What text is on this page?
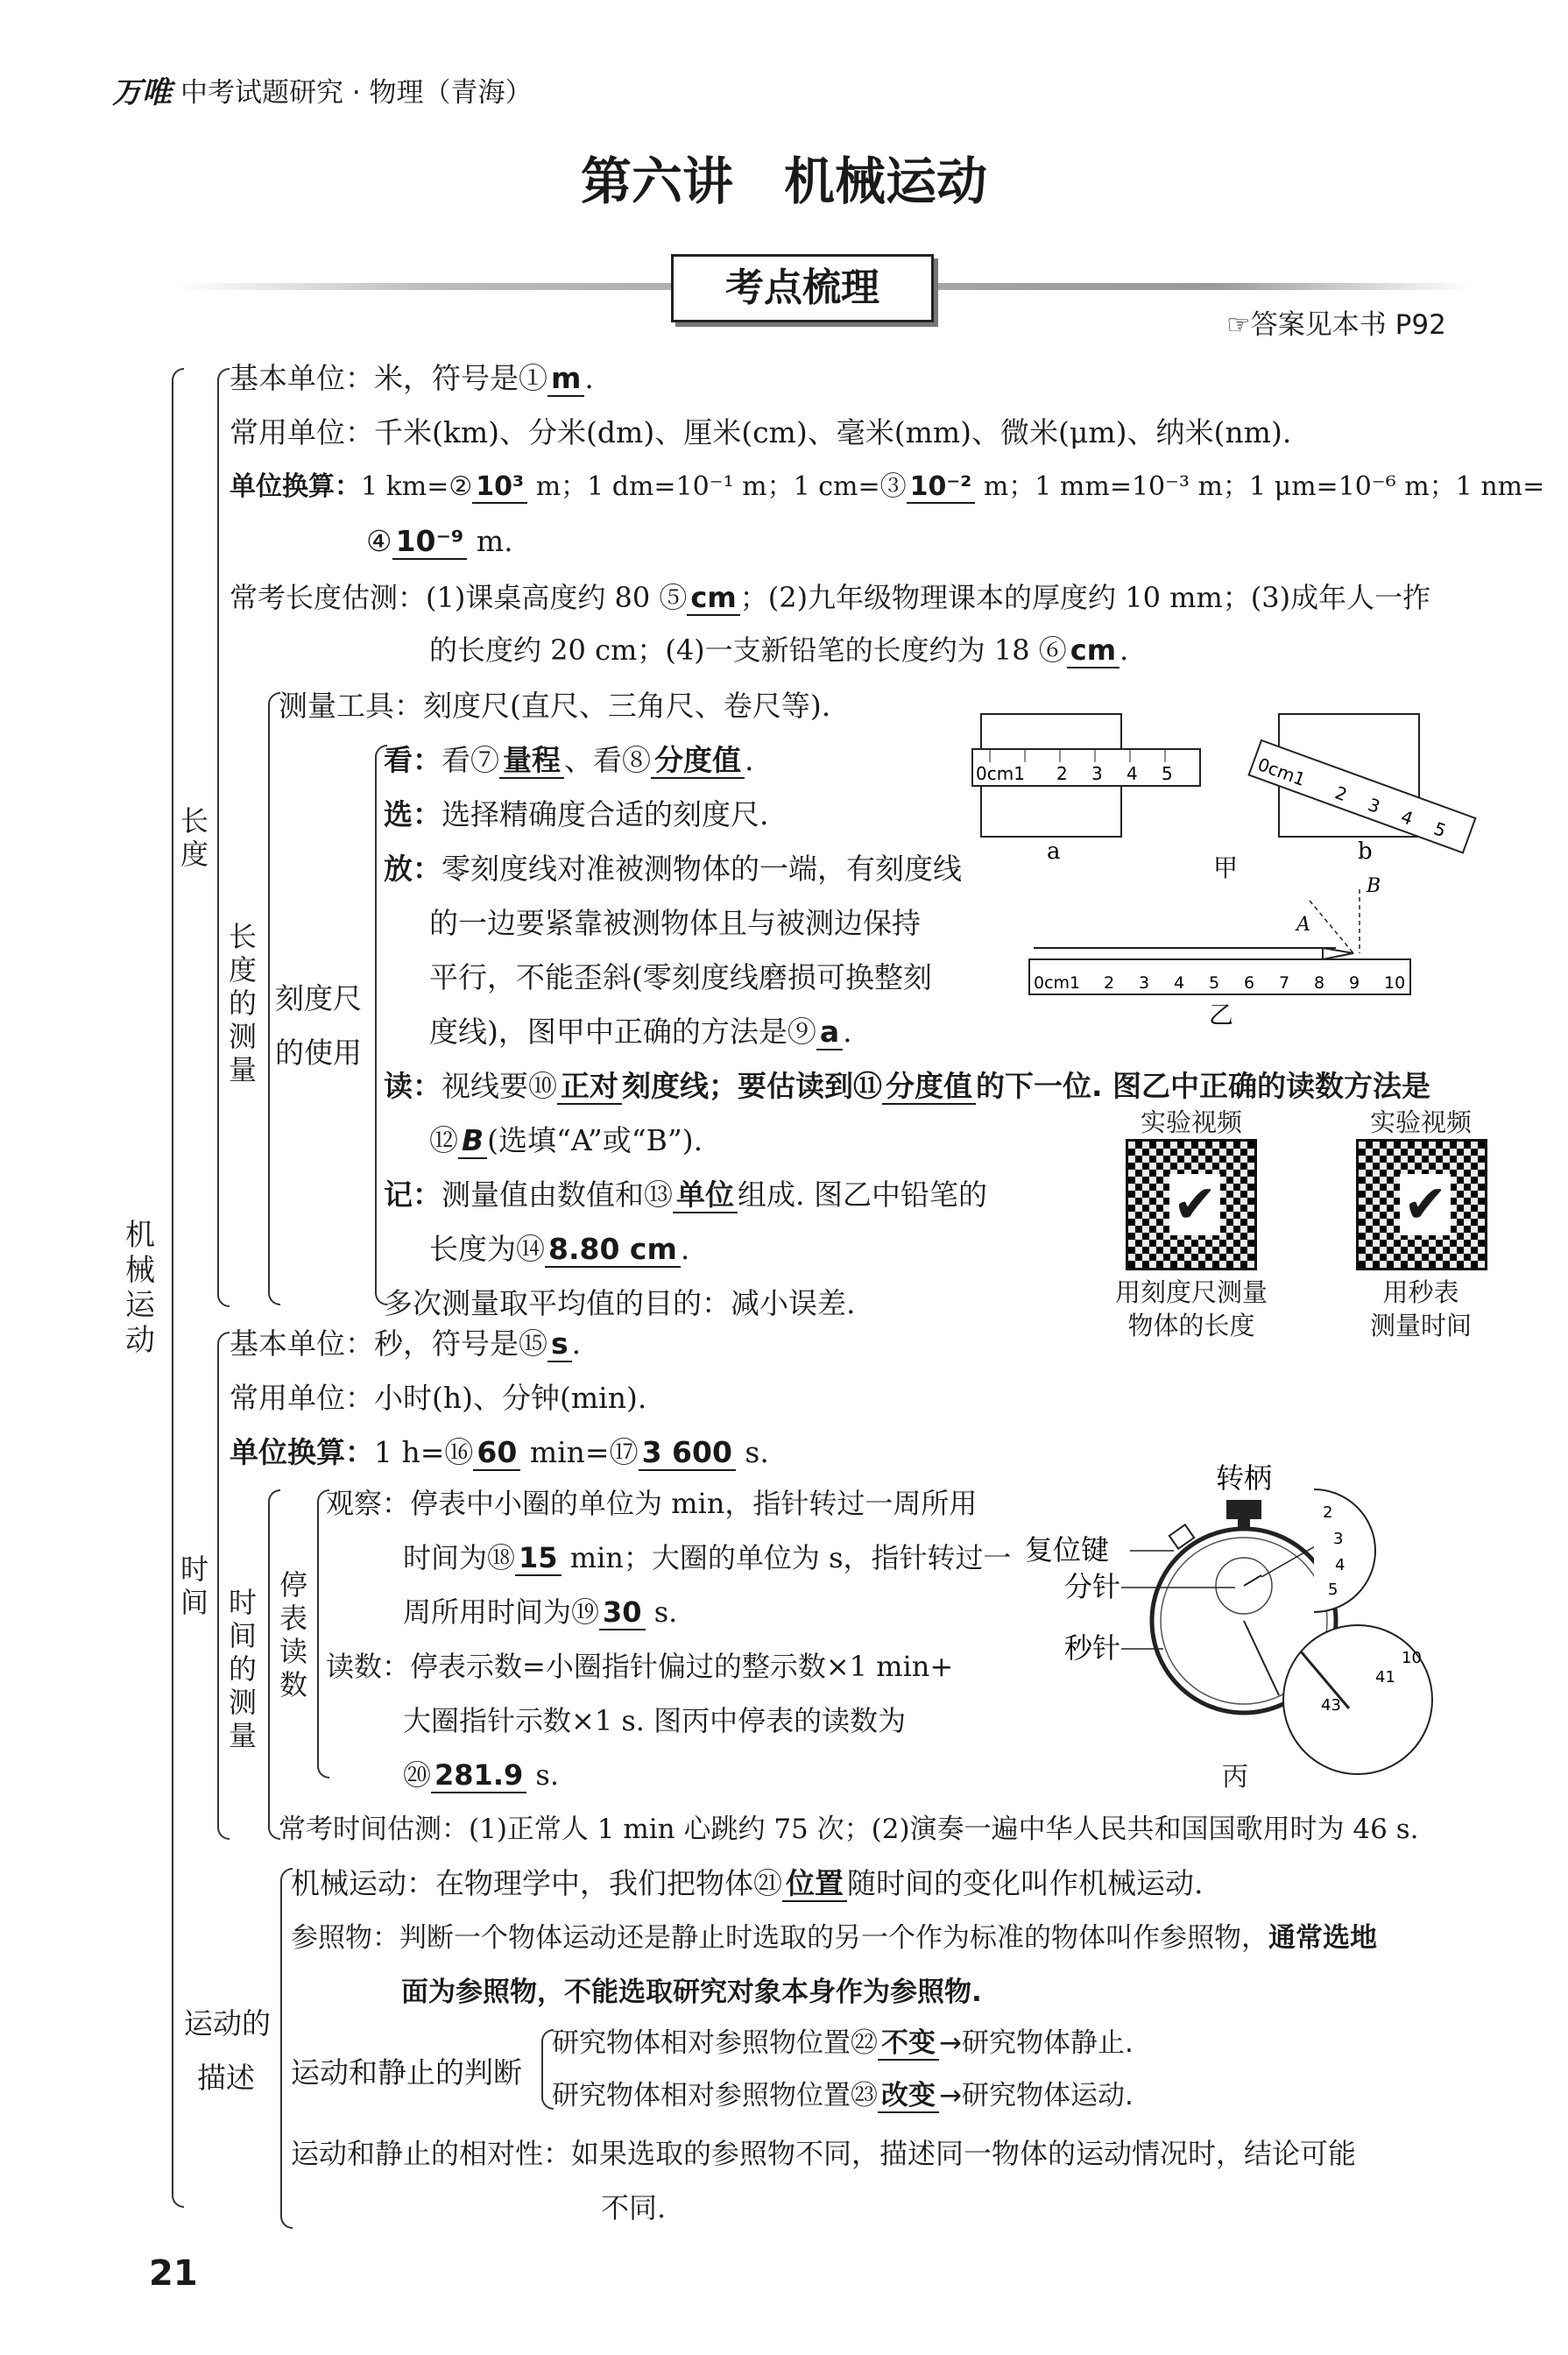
万唯 中考试题研究 · 物理（青海）
第六讲　机械运动
考点梳理
☞答案见本书 P92
机械运动
长度
基本单位：米，符号是① m .
常用单位：千米(km)、分米(dm)、厘米(cm)、毫米(mm)、微米(μm)、纳米(nm).
单位换算：1 km=② 10³ m；1 dm=10⁻¹ m；1 cm=③ 10⁻² m；1 mm=10⁻³ m；1 μm=10⁻⁶ m；1 nm=
④ 10⁻⁹ m.
常考长度估测：(1)课桌高度约 80 ⑤ cm ；(2)九年级物理课本的厚度约 10 mm；(3)成年人一拃
的长度约 20 cm；(4)一支新铅笔的长度约为 18 ⑥ cm .
长度的测量
测量工具：刻度尺(直尺、三角尺、卷尺等).
刻度尺
的使用
看：看⑦ 量程 、看⑧ 分度值 .
选：选择精确度合适的刻度尺.
放：零刻度线对准被测物体的一端，有刻度线
的一边要紧靠被测物体且与被测边保持
平行，不能歪斜(零刻度线磨损可换整刻
度线)，图甲中正确的方法是⑨ a .
读：视线要⑩ 正对 刻度线；要估读到⑪ 分度值 的下一位. 图乙中正确的读数方法是
⑫ B (选填“A”或“B”).
记：测量值由数值和⑬ 单位 组成. 图乙中铅笔的
长度为⑭ 8.80 cm .
多次测量取平均值的目的：减小误差.
0cm1 2 3 4 5
a
0cm1
2
3
4
5
b
甲
A
B
0cm1 2 3 4 5 6 7 8 9 10
乙
实验视频
✔
用刻度尺测量
物体的长度
实验视频
✔
用秒表
测量时间
时间
基本单位：秒，符号是⑮ s .
常用单位：小时(h)、分钟(min).
单位换算：1 h=⑯ 60 min=⑰ 3 600 s.
时间的测量
停表读数
观察：停表中小圈的单位为 min，指针转过一周所用
时间为⑱ 15 min；大圈的单位为 s，指针转过一
周所用时间为⑲ 30 s.
读数：停表示数=小圈指针偏过的整示数×1 min+
大圈指针示数×1 s. 图丙中停表的读数为
⑳ 281.9 s.
常考时间估测：(1)正常人 1 min 心跳约 75 次；(2)演奏一遍中华人民共和国国歌用时为 46 s.
转柄
复位键
分针
秒针
2
3
4
5
10
41
43
丙
运动的
描述
机械运动：在物理学中，我们把物体㉑ 位置 随时间的变化叫作机械运动.
参照物：判断一个物体运动还是静止时选取的另一个作为标准的物体叫作参照物，通常选地
面为参照物，不能选取研究对象本身作为参照物.
运动和静止的判断
研究物体相对参照物位置㉒ 不变 →研究物体静止.
研究物体相对参照物位置㉓ 改变 →研究物体运动.
运动和静止的相对性：如果选取的参照物不同，描述同一物体的运动情况时，结论可能
不同.
21
